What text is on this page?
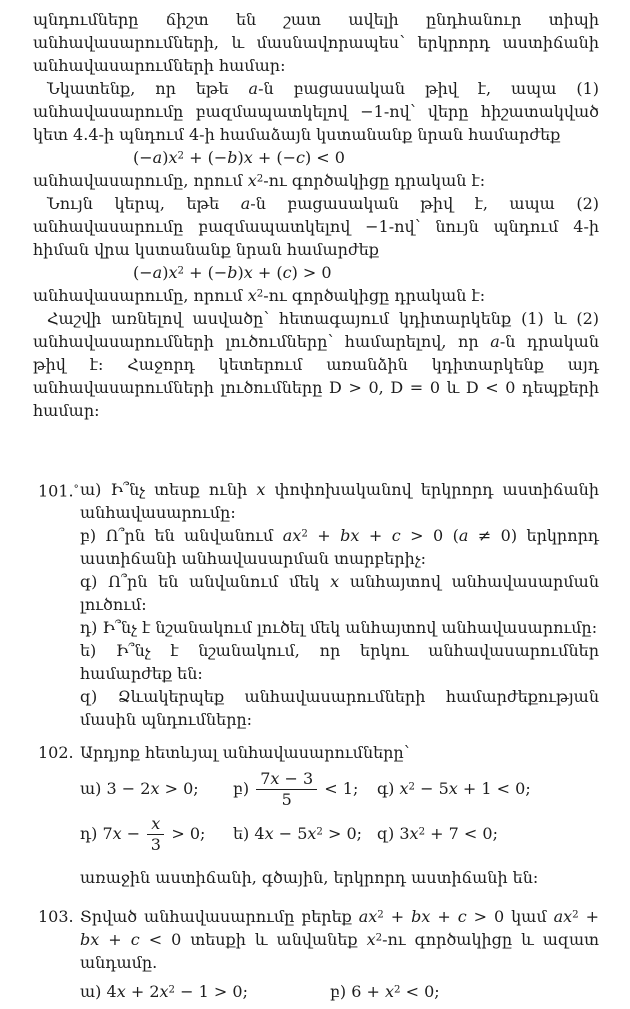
պնդումները ճիշտ են շատ ավելի ընդհանուր տիպի անհավասարումների, և մասնավորապես՝ երկրորդ աստիճանի անհավասարումների համար։

Նկատենք, որ եթե a-ն բացասական թիվ է, ապա (1) անհավասարումը բազմապատկելով −1-ով՝ վերը հիշատակված կետ 4.4-ի պնդում 4-ի համաձայն կստանանք նրան համարժեք

$(-a)x^2 + (-b)x + (-c) < 0$

անհավասարումը, որում $x^2-ու$ գործակիցը դրական է։

Նույն կերպ, եթե a-ն բացասական թիվ է, ապա (2) անհավասարումը բազմապատկելով −1-ով՝ նույն պնդում 4-ի հիման վրա կստանանք նրան համարժեք

$(-a)x^2 + (-b)x + (c) > 0$

անհավասարումը, որում $x^2-ու$ գործակիցը դրական է։

Հաշվի առնելով ասվածը՝ հետագայում կդիտարկենք (1) և (2) անհավասարումների լուծումները՝ համարելով, որ a-ն դրական թիվ է։ Հաջորդ կետերում առանձին կդիտարկենք այդ անհավասարումների լուծումները D > 0, D = 0 և D < 0 դեպքերի համար։

101.° ա) Ի՞նչ տեսք ունի x փոփոխականով երկրորդ աստիճանի անհավասարումը։

բ) Ո՞րն են անվանում $ax^2$ + bx + c > 0 (a ≠ 0) երկրորդ աստիճանի անհավասարման տարբերիչ։

գ) Ո՞րն են անվանում մեկ x անհայտով անհավասարման լուծում։

դ) Ի՞նչ է նշանակում լուծել մեկ անհայտով անհավասարումը։

ե) Ի՞նչ է նշանակում, որ երկու անհավասարումներ համարժեք են։

զ) Ձևակերպեք անհավասարումների համարժեքության մասին պնդումները։

102. Արդյոք հետևյալ անհավասարումները՝

ա) 3 − 2x > 0; բ) $\frac{7x - 3}{5} < 1$; գ) $x^2 - 5x + 1 < 0$;
դ) $7x - \frac{x}{3} > 0$; ե) $4x - 5x^2 > 0$; զ) $3x^2 + 7 < 0$;

առաջին աստիճանի, գծային, երկրորդ աստիճանի են։

103. Տրված անհավասարումը բերեք $ax^2$ + bx + c > 0 կամ $ax^2$ + bx + c < 0 տեսքի և անվանեք $x^2-ու$ գործակիցը և ազատ անդամը.

ա) $4x + 2x^2 - 1 > 0$;	բ) $6 + x^2 < 0$;
